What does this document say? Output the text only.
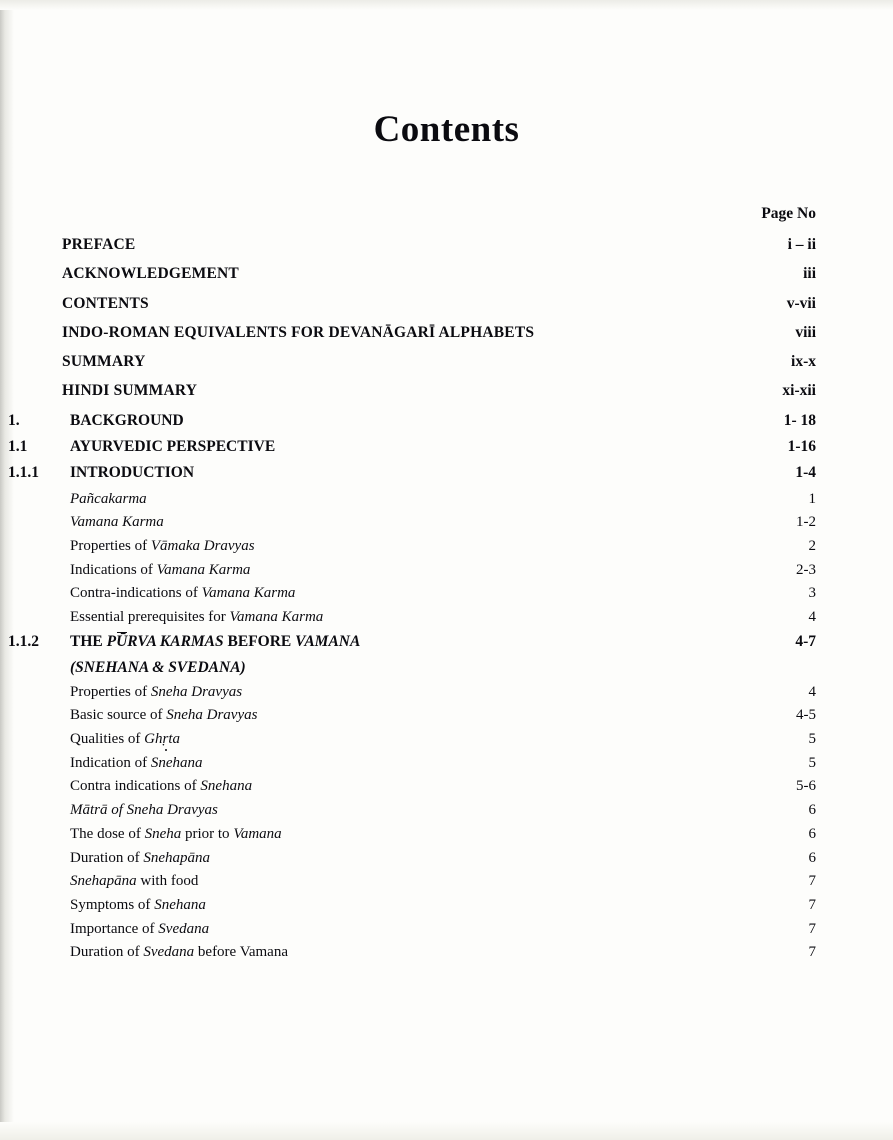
Contents
Page No
PREFACE	i – ii
ACKNOWLEDGEMENT	iii
CONTENTS	v-vii
INDO-ROMAN EQUIVALENTS FOR DEVANĀGARĪ ALPHABETS	viii
SUMMARY	ix-x
HINDI SUMMARY	xi-xii
1.	BACKGROUND	1- 18
1.1	AYURVEDIC PERSPECTIVE	1-16
1.1.1	INTRODUCTION	1-4
Pañcakarma	1
Vamana Karma	1-2
Properties of Vāmaka Dravyas	2
Indications of Vamana Karma	2-3
Contra-indications of Vamana Karma	3
Essential prerequisites for Vamana Karma	4
1.1.2	THE PŪRVA KARMAS BEFORE VAMANA	4-7
(SNEHANA & SVEDANA)
Properties of Sneha Dravyas	4
Basic source of Sneha Dravyas	4-5
Qualities of Ghṛta	5
Indication of Snehana	5
Contra indications of Snehana	5-6
Mātrā of Sneha Dravyas	6
The dose of Sneha prior to Vamana	6
Duration of Snehapāna	6
Snehapāna with food	7
Symptoms of Snehana	7
Importance of Svedana	7
Duration of Svedana before Vamana	7
